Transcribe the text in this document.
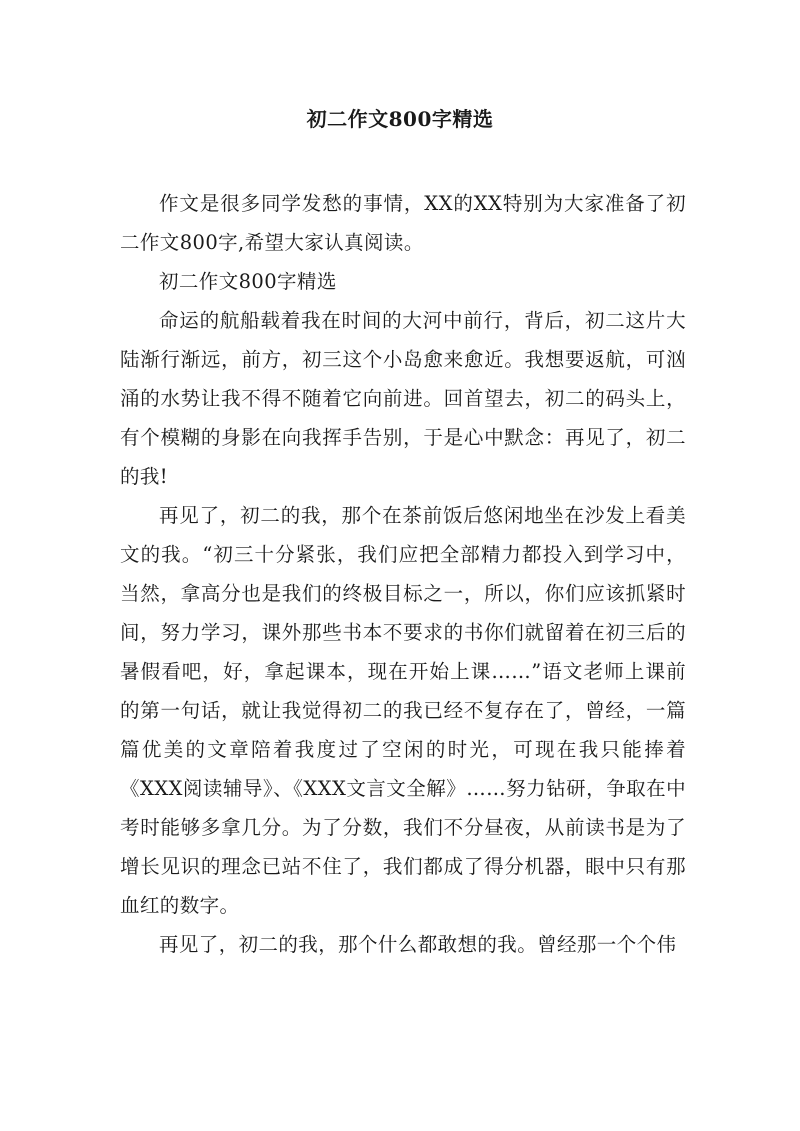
初二作文800字精选

作文是很多同学发愁的事情，XX的XX特别为大家准备了初二作文800字,希望大家认真阅读。

初二作文800字精选

命运的航船载着我在时间的大河中前行，背后，初二这片大陆渐行渐远，前方，初三这个小岛愈来愈近。我想要返航，可汹涌的水势让我不得不随着它向前进。回首望去，初二的码头上，有个模糊的身影在向我挥手告别，于是心中默念：再见了，初二的我!

再见了，初二的我，那个在茶前饭后悠闲地坐在沙发上看美文的我。“初三十分紧张，我们应把全部精力都投入到学习中，当然，拿高分也是我们的终极目标之一，所以，你们应该抓紧时间，努力学习，课外那些书本不要求的书你们就留着在初三后的暑假看吧，好，拿起课本，现在开始上课……”语文老师上课前的第一句话，就让我觉得初二的我已经不复存在了，曾经，一篇篇优美的文章陪着我度过了空闲的时光，可现在我只能捧着《XXX阅读辅导》、《XXX文言文全解》……努力钻研，争取在中考时能够多拿几分。为了分数，我们不分昼夜，从前读书是为了增长见识的理念已站不住了，我们都成了得分机器，眼中只有那血红的数字。

再见了，初二的我，那个什么都敢想的我。曾经那一个个伟
